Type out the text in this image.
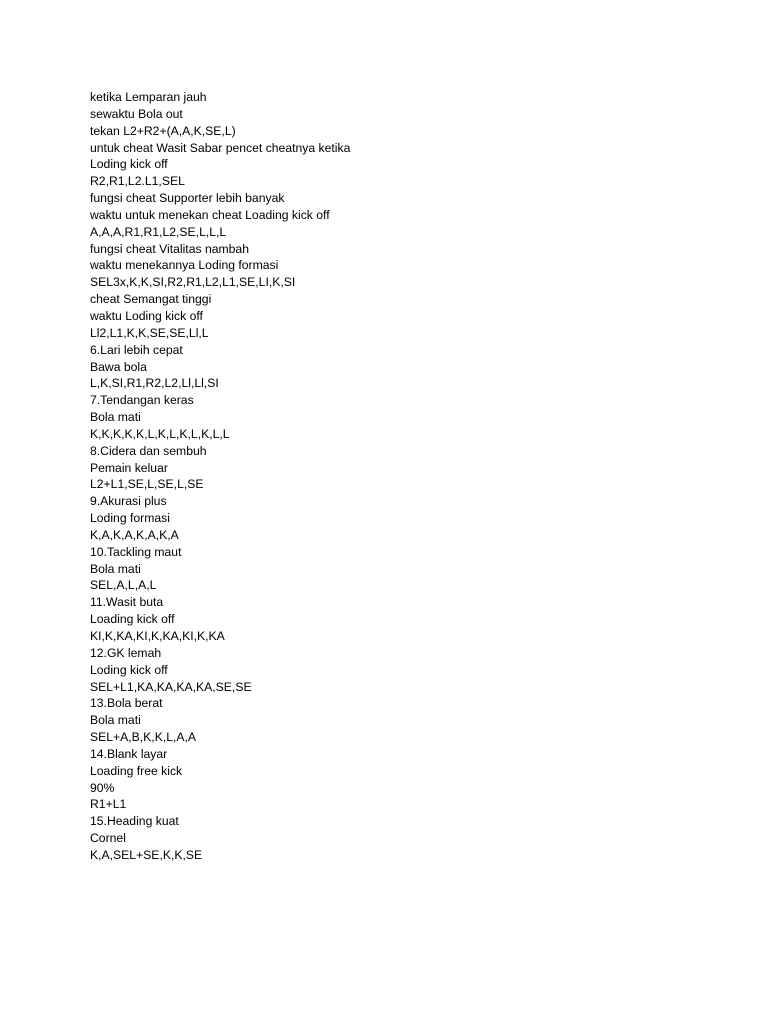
ketika Lemparan jauh
sewaktu Bola out
tekan L2+R2+(A,A,K,SE,L)
untuk cheat Wasit Sabar pencet cheatnya ketika
Loding kick off
R2,R1,L2.L1,SEL
fungsi cheat Supporter lebih banyak
waktu untuk menekan cheat Loading kick off
A,A,A,R1,R1,L2,SE,L,L,L
fungsi cheat Vitalitas nambah
waktu menekannya Loding formasi
SEL3x,K,K,SI,R2,R1,L2,L1,SE,LI,K,SI
cheat Semangat tinggi
waktu Loding kick off
Ll2,L1,K,K,SE,SE,Ll,L
6.Lari lebih cepat
Bawa bola
L,K,SI,R1,R2,L2,Ll,Ll,SI
7.Tendangan keras
Bola mati
K,K,K,K,K,L,K,L,K,L,K,L,L
8.Cidera dan sembuh
Pemain keluar
L2+L1,SE,L,SE,L,SE
9.Akurasi plus
Loding formasi
K,A,K,A,K,A,K,A
10.Tackling maut
Bola mati
SEL,A,L,A,L
11.Wasit buta
Loading kick off
KI,K,KA,KI,K,KA,KI,K,KA
12.GK lemah
Loding kick off
SEL+L1,KA,KA,KA,KA,SE,SE
13.Bola berat
Bola mati
SEL+A,B,K,K,L,A,A
14.Blank layar
Loading free kick
90%
R1+L1
15.Heading kuat
Cornel
K,A,SEL+SE,K,K,SE
